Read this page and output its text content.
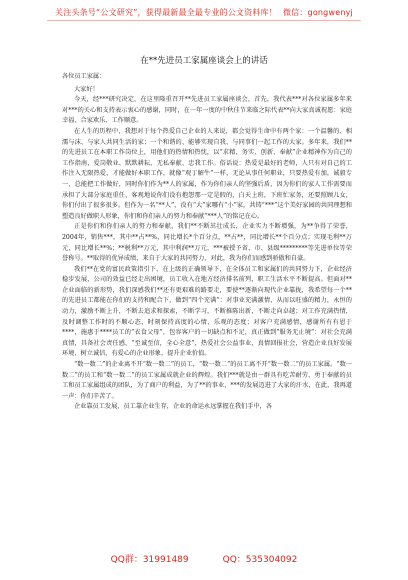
关注头条号“公文研究”，获得最新最全最专业的公文资料库！ 微信：gongwenyj
在**先进员工家属座谈会上的讲话

各位员工家属：

大家好！

今天，经***研究决定，在这里隆重召开**先进员工家属座谈会，首先，我代表***对各位家属多年来对***的关心和支持表示衷心的感谢，同时，在一年一度的中秋佳节来临之际代表**向大家真诚祝愿：家庭幸福、合家欢乐、工作顺意。

在人生的历程中，我想对于每个热爱自己企业的人来说，都会觉得生命中有两个家：一个温馨的、相濡与沫、与家人共同生活的家；一个和谐的、能够实现自我、与同事们一起工作的大家。多年来，我们**的先进员工在本职工作岗位上，用他们的热情和热忱，以“求精、务实、创新、奉献”企业精神作为自己的工作指南，爱岗敬业、默默耕耘、无私奉献、忠我工作。俗话说：热爱是最好的老师，人只有对自己的工作注入无限热爱，才能做好本职工作，就像“观丁解牛”一样，无论从事任何职业，只要热爱有加，诚毅专一，总能把工作做好，同时你们作为**人的家属，作为你们亲人的坚强后盾，因为你们的家人工作需要而承担了大部分家庭重任，客观地说你们没有抱怨那一定是假的，白天上班，下班忙家务，还要照顾儿女，你们付出了很多很多。但作为一名“**人”，没有“大”家哪有“小”家，共铸“***”这个美好家园的共同理想和塑造良好做职人形象，你们和你们亲人的努力和奉献“***人”的铭记在心。

正是你们和你们亲人的努力和奉献，我们**不断茁壮成长，企业实力不断增强，为**争得了荣誉，2004年，销售***，其中**占**%，同比增长*个百分点，**占**，同比增长**个百分点；实现毛利**万元，同比增长**%；**税利**万元，其中利润**万元，***被授予省、市、县级*********等先进单位等荣誉称号。**取得的优异成绩，来自于大家的共同努力，对此，我为你们而感到骄傲和自豪。

我们**在党的富民政策指引下，在上级的正确领导下，在全体员工和家属们的共同努力下，企业经济稳步发展，公司的效益已经走出困境，员工收入在地方经济排名前列，职工生活水平不断提高。但面对**企业面临的新形势，我们深感我们**还有更艰难的路要走，要使**逐渐向现代企业靠拢，我希望每一个**的先进员工都能在你们的支持和配合下，做到“四个充满”：对事业充满激情，从而以旺盛的精力，永恒的动力，激励不断上升，不断去追求和探索，不断学习，不断推陈出新，不断走向卓越；对工作充满热情，及时调整工作时的不顺心态，时刻保持高度的心情，乐观的态度；对客户充满感情，感谢所有有恩于****，施惠于****员工的“衣食父母”，包容客户的一切缺点和不足，真正做到“服务无止境”：对社会充满真情，具备社会责任感，“至诚至信，全心全意”，热爱社会公益事业，真情回报社会，营造企业良好发展环境，树立诚信、有爱心的企业形象，提升企业价值。

“数一数二”的企业离不开“数一数二”的员工，“数一数二”的员工离不开“数一数二”的员工家属。“数一数二”的员工和“数一数二”的员工家属成就企业的辉煌。我们***就是由一群具有吃苦耐劳、勇于奉献的员工和员工家属组成的团队，为了商户的利益，为了**的事业，***的发展迈进了大家的汗水，在此，我再道一声：你们辛苦了。

企业靠员工发展，员工靠企业生存，企业的命运永远掌握在我们手中，各

QQ群：31991489	QQ：535304092
